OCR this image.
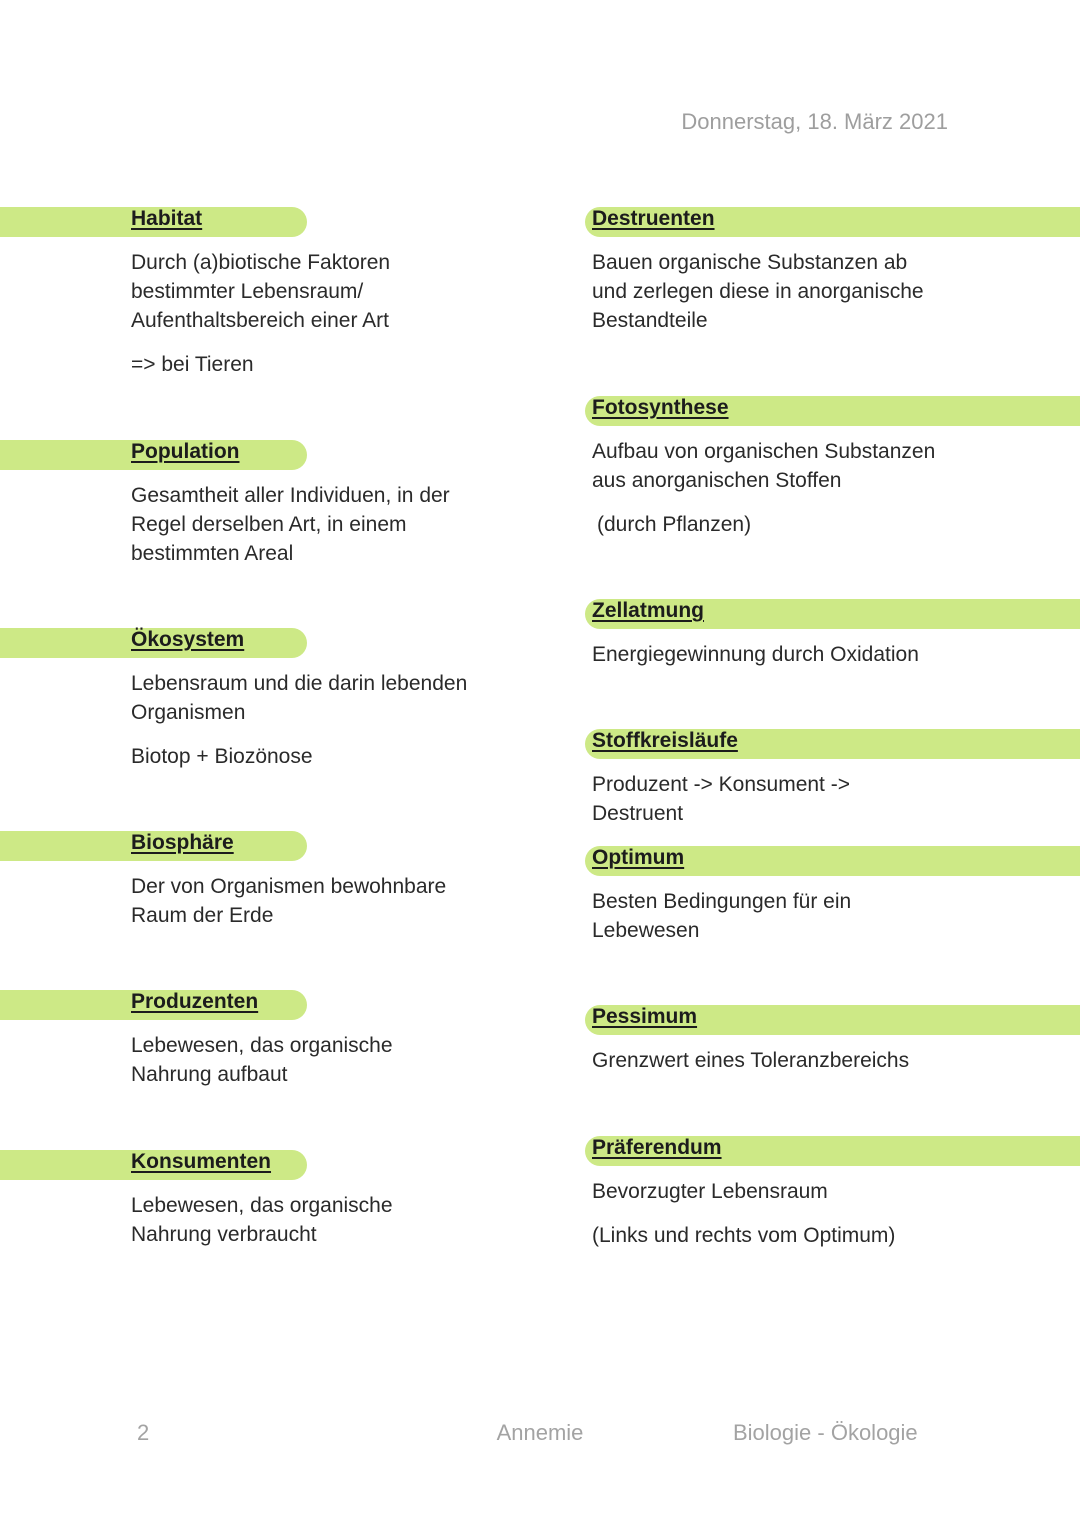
Donnerstag, 18. März 2021
Habitat
Durch (a)biotische Faktoren
bestimmter Lebensraum/
Aufenthaltsbereich einer Art
=> bei Tieren
Population
Gesamtheit aller Individuen, in der
Regel derselben Art, in einem
bestimmten Areal
Ökosystem
Lebensraum und die darin lebenden
Organismen
Biotop + Biozönose
Biosphäre
Der von Organismen bewohnbare
Raum der Erde
Produzenten
Lebewesen, das organische
Nahrung aufbaut
Konsumenten
Lebewesen, das organische
Nahrung verbraucht
Destruenten
Bauen organische Substanzen ab
und zerlegen diese in anorganische
Bestandteile
Fotosynthese
Aufbau von organischen Substanzen
aus anorganischen Stoffen
(durch Pflanzen)
Zellatmung
Energiegewinnung durch Oxidation
Stoffkreisläufe
Produzent -> Konsument ->
Destruent
Optimum
Besten Bedingungen für ein
Lebewesen
Pessimum
Grenzwert eines Toleranzbereichs
Präferendum
Bevorzugter Lebensraum
(Links und rechts vom Optimum)
2	Annemie	Biologie - Ökologie
